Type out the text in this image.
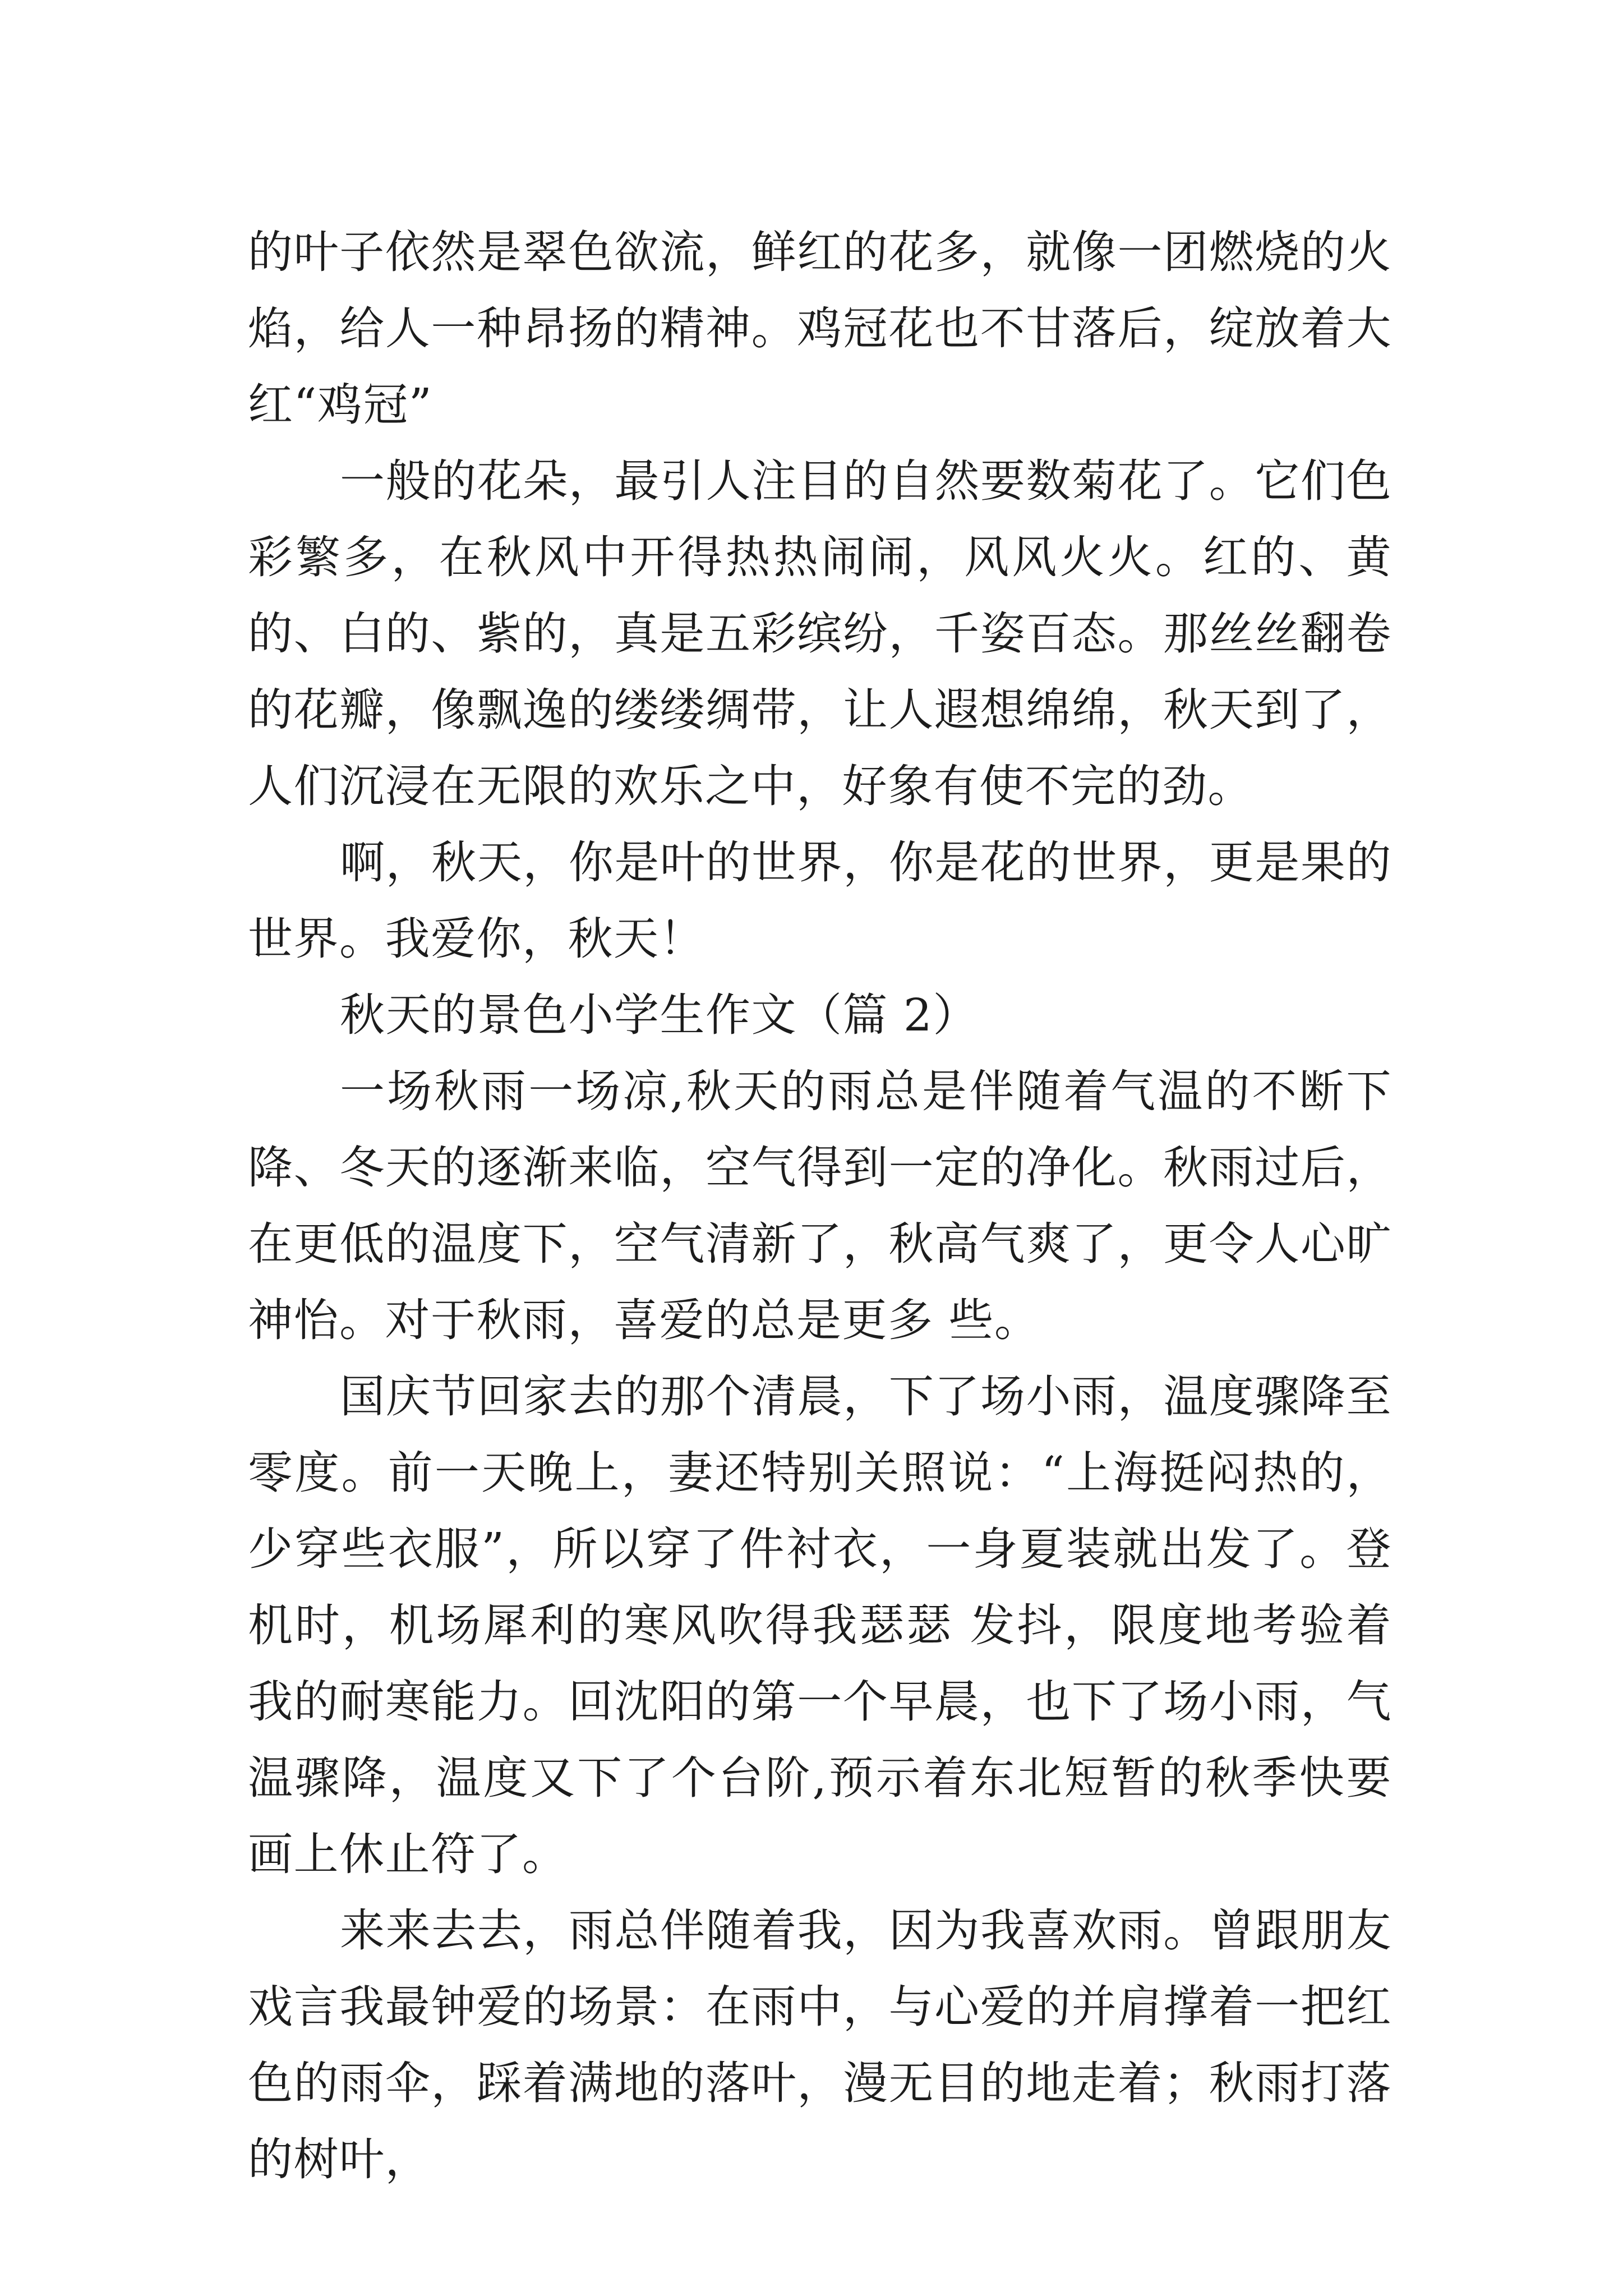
的叶子依然是翠色欲流，鲜红的花多，就像一团燃烧的火焰，给人一种昂扬的精神。鸡冠花也不甘落后，绽放着大红“鸡冠”

一般的花朵，最引人注目的自然要数菊花了。它们色彩繁多，在秋风中开得热热闹闹，风风火火。红的、黄的、白的、紫的，真是五彩缤纷，千姿百态。那丝丝翻卷的花瓣，像飘逸的缕缕绸带，让人遐想绵绵，秋天到了，人们沉浸在无限的欢乐之中，好象有使不完的劲。

啊，秋天，你是叶的世界，你是花的世界，更是果的世界。我爱你，秋天！

秋天的景色小学生作文（篇 2）

一场秋雨一场凉,秋天的雨总是伴随着气温的不断下降、冬天的逐渐来临，空气得到一定的净化。秋雨过后，在更低的温度下，空气清新了，秋高气爽了，更令人心旷神怡。对于秋雨，喜爱的总是更多 些。

国庆节回家去的那个清晨，下了场小雨，温度骤降至零度。前一天晚上，妻还特别关照说：“上海挺闷热的，少穿些衣服”，所以穿了件衬衣，一身夏装就出发了。登机时，机场犀利的寒风吹得我瑟瑟 发抖，限度地考验着我的耐寒能力。回沈阳的第一个早晨，也下了场小雨，气温骤降，温度又下了个台阶,预示着东北短暂的秋季快要画上休止符了。

来来去去，雨总伴随着我，因为我喜欢雨。曾跟朋友戏言我最钟爱的场景：在雨中，与心爱的并肩撑着一把红色的雨伞，踩着满地的落叶，漫无目的地走着；秋雨打落的树叶，
